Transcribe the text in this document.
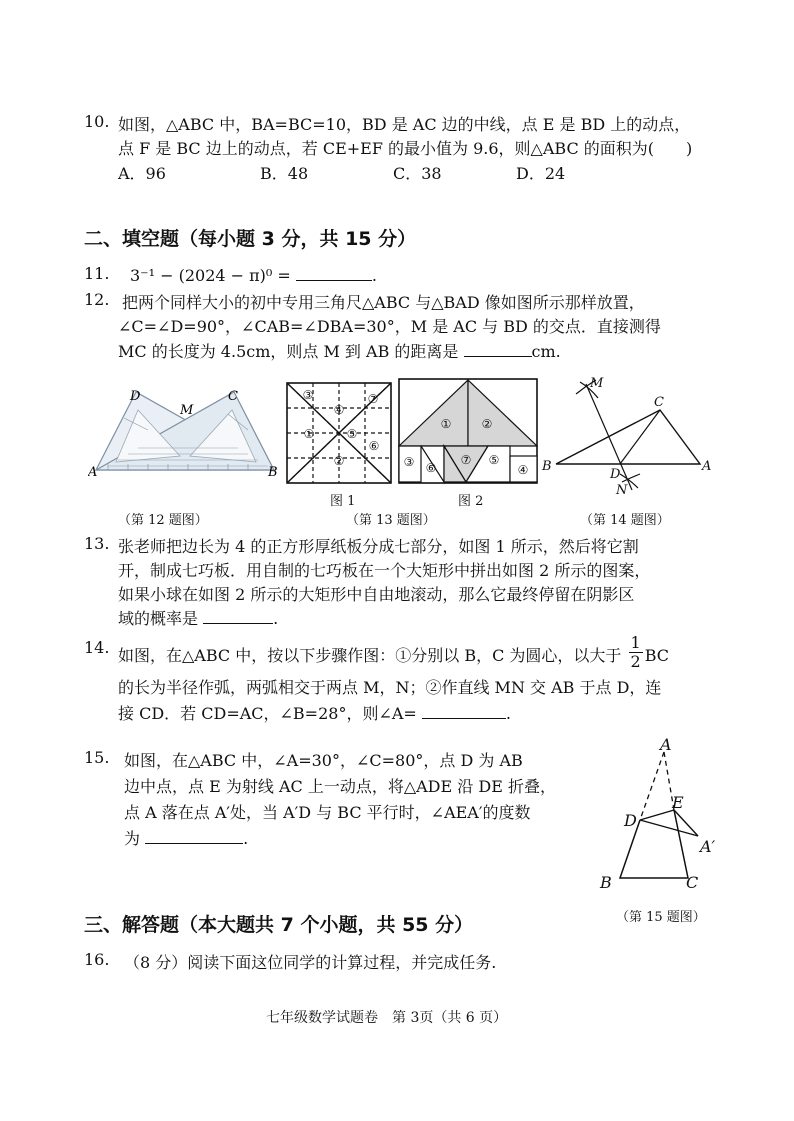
10. 如图，△ABC 中，BA=BC=10，BD 是 AC 边的中线，点 E 是 BD 上的动点，
点 F 是 BC 边上的动点，若 CE+EF 的最小值为 9.6，则△ABC 的面积为(　　)
A．96	B．48	C．38	D．24
二、填空题（每小题 3 分，共 15 分）
11. 3⁻¹ − (2024 − π)⁰ =	.
12. 把两个同样大小的初中专用三角尺△ABC 与△BAD 像如图所示那样放置，
∠C=∠D=90°，∠CAB=∠DBA=30°，M 是 AC 与 BD 的交点．直接测得
MC 的长度为 4.5cm，则点 M 到 AB 的距离是	cm.
D	C
M
A	B
（第 12 题图）
③
④
⑦
①	⑤
⑥
②
图 1
①	②
③ ⑥
⑦ ⑤
④
图 2
（第 13 题图）
M
C
B
D
A
N
（第 14 题图）
13. 张老师把边长为 4 的正方形厚纸板分成七部分，如图 1 所示，然后将它割
开，制成七巧板．用自制的七巧板在一个大矩形中拼出如图 2 所示的图案，
如果小球在如图 2 所示的大矩形中自由地滚动，那么它最终停留在阴影区
域的概率是	.
14. 如图，在△ABC 中，按以下步骤作图：①分别以 B，C 为圆心，以大于 $\frac{1}{2}$ BC
的长为半径作弧，两弧相交于两点 M，N；②作直线 MN 交 AB 于点 D，连
接 CD．若 CD=AC，∠B=28°，则∠A=	.
15. 如图，在△ABC 中，∠A=30°，∠C=80°，点 D 为 AB
边中点，点 E 为射线 AC 上一动点，将△ADE 沿 DE 折叠，
点 A 落在点 A′处，当 A′D 与 BC 平行时，∠AEA′的度数
为	.
A
E
D
A′
B	C
（第 15 题图）
三、解答题（本大题共 7 个小题，共 55 分）
16. （8 分）阅读下面这位同学的计算过程，并完成任务.
七年级数学试题卷　第 3页（共 6 页）
